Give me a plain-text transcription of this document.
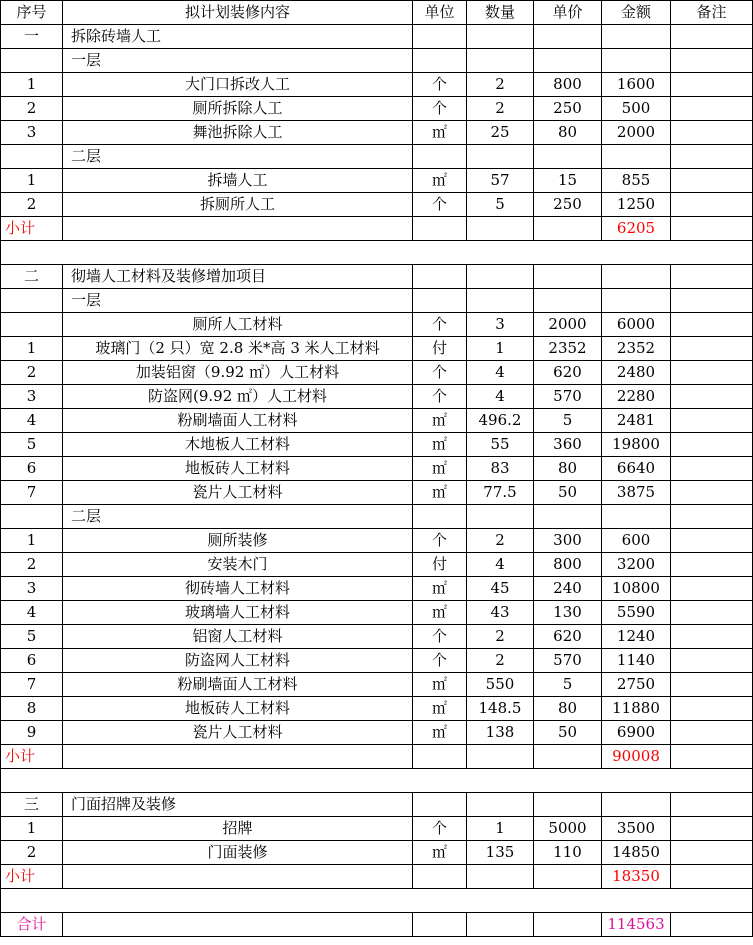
序号	拟计划装修内容	单位	数量	单价	金额	备注
一	拆除砖墙人工					
	一层					
1	大门口拆改人工	个	2	800	1600	
2	厕所拆除人工	个	2	250	500	
3	舞池拆除人工	㎡	25	80	2000	
	二层					
1	拆墙人工	㎡	57	15	855	
2	拆厕所人工	个	5	250	1250	
小计					6205	

二	彻墙人工材料及装修增加项目					
	一层					
	厕所人工材料	个	3	2000	6000	
1	玻璃门（2 只）宽 2.8 米*高 3 米人工材料	付	1	2352	2352	
2	加装铝窗（9.92 ㎡）人工材料	个	4	620	2480	
3	防盗网(9.92 ㎡）人工材料	个	4	570	2280	
4	粉刷墙面人工材料	㎡	496.2	5	2481	
5	木地板人工材料	㎡	55	360	19800	
6	地板砖人工材料	㎡	83	80	6640	
7	瓷片人工材料	㎡	77.5	50	3875	
	二层					
1	厕所装修	个	2	300	600	
2	安装木门	付	4	800	3200	
3	彻砖墙人工材料	㎡	45	240	10800	
4	玻璃墙人工材料	㎡	43	130	5590	
5	铝窗人工材料	个	2	620	1240	
6	防盗网人工材料	个	2	570	1140	
7	粉刷墙面人工材料	㎡	550	5	2750	
8	地板砖人工材料	㎡	148.5	80	11880	
9	瓷片人工材料	㎡	138	50	6900	
小计					90008	

三	门面招牌及装修					
1	招牌	个	1	5000	3500	
2	门面装修	㎡	135	110	14850	
小计					18350	

合计					114563	
